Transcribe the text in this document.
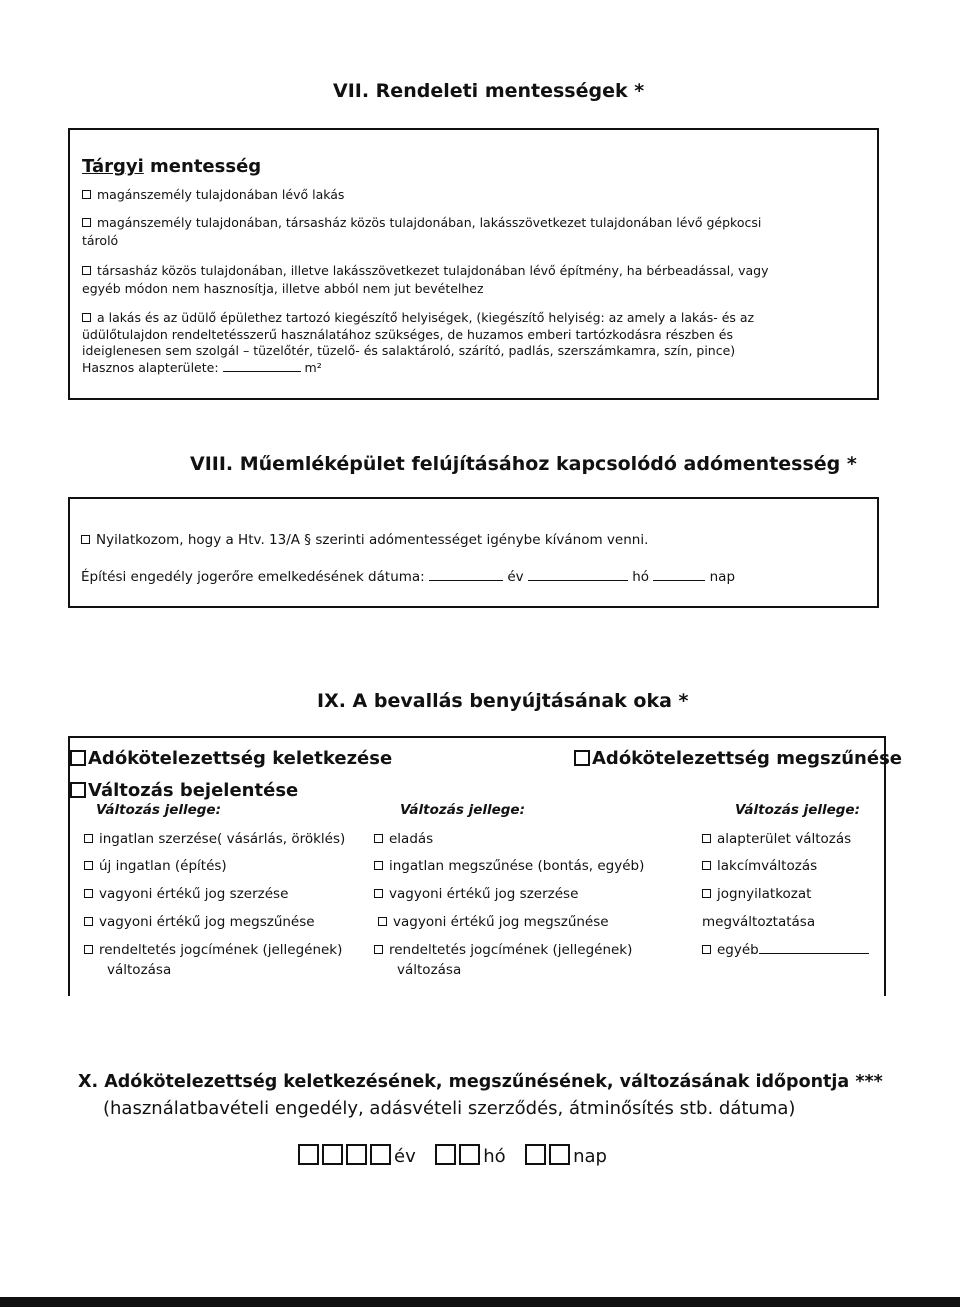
VII. Rendeleti mentességek *
Tárgyi mentesség
magánszemély tulajdonában lévő lakás
magánszemély tulajdonában, társasház közös tulajdonában, lakásszövetkezet tulajdonában lévő gépkocsi
tároló
társasház közös tulajdonában, illetve lakásszövetkezet tulajdonában lévő építmény, ha bérbeadással, vagy
egyéb módon nem hasznosítja, illetve abból nem jut bevételhez
a lakás és az üdülő épülethez tartozó kiegészítő helyiségek, (kiegészítő helyiség: az amely a lakás- és az
üdülőtulajdon rendeltetésszerű használatához szükséges, de huzamos emberi tartózkodásra részben és
ideiglenesen sem szolgál – tüzelőtér, tüzelő- és salaktároló, szárító, padlás, szerszámkamra, szín, pince)
Hasznos alapterülete:	m²
VIII. Műemléképület felújításához kapcsolódó adómentesség *
Nyilatkozom, hogy a Htv. 13/A § szerinti adómentességet igénybe kívánom venni.
Építési engedély jogerőre emelkedésének dátuma:	év	hó	nap
IX. A bevallás benyújtásának oka *
Adókötelezettség keletkezése	Adókötelezettség megszűnése
Változás bejelentése
Változás jellege:	Változás jellege:	Változás jellege:
ingatlan szerzése( vásárlás, öröklés)
új ingatlan (építés)
vagyoni értékű jog szerzése
vagyoni értékű jog megszűnése
rendeltetés jogcímének (jellegének)
változása
eladás
ingatlan megszűnése (bontás, egyéb)
vagyoni értékű jog szerzése
vagyoni értékű jog megszűnése
rendeltetés jogcímének (jellegének)
változása
alapterület változás
lakcímváltozás
jognyilatkozat
megváltoztatása
egyéb
X. Adókötelezettség keletkezésének, megszűnésének, változásának időpontja ***
(használatbavételi engedély, adásvételi szerződés, átminősítés stb. dátuma)
év	hó	nap
